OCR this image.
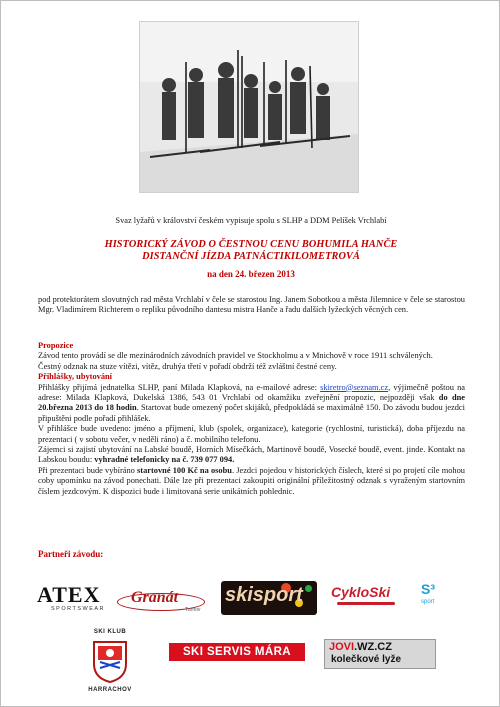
Svaz lyžařů v království českém vypisuje spolu s SLHP a DDM Pelíšek Vrchlabí
HISTORICKÝ ZÁVOD O ČESTNOU CENU BOHUMILA HANČE
DISTANČNÍ JÍZDA PATNÁCTIKILOMETROVÁ
na den 24. březen 2013

pod protektorátem slovutných rad města Vrchlabí v čele se starostou Ing. Janem Sobotkou a města Jilemnice v čele se starostou Mgr. Vladimírem Richterem o repliku původního dantesu mistra Hanče a řadu dalších lyžeckých věcných cen.

Propozice

Závod tento provádí se dle mezinárodních závodních pravidel ve Stockholmu a v Mnichově v roce 1911 schválených.

Čestný odznak na stuze vítězi, vítěz, druhýa třetí v pořadí obdrží též zvláštní čestné ceny.

Přihlášky, ubytování

Přihlášky přijímá jednatelka SLHP, paní Milada Klapková, na e-mailové adrese: skiretro@seznam.cz, výjimečně poštou na adrese: Milada Klapková, Dukelská 1386, 543 01 Vrchlabí od okamžiku zveřejnění propozic, nejpozději však do dne 20.března 2013 do 18 hodin. Startovat bude omezený počet skijáků, předpokládá se maximálně 150. Do závodu budou jezdci připuštěni podle pořadí přihlášek.

V přihlášce bude uvedeno: jméno a příjmení, klub (spolek, organizace), kategorie (rychlostní, turistická), doba příjezdu na prezentaci ( v sobotu večer, v neděli ráno) a č. mobilního telefonu.

Zájemci si zajistí ubytování na Labské boudě, Horních Mísečkách, Martinově boudě, Vosecké boudě, event. jinde. Kontakt na Labskou boudu: vyhradné telefonicky na č. 739 077 094.

Při prezentaci bude vybíráno startovné 100 Kč na osobu. Jezdci pojedou v historických číslech, které si po projetí cíle mohou coby upomínku na závod ponechati. Dále lze při prezentaci zakoupiti originální příležitostný odznak s vyraženým startovním číslem jezdcovým. K dispozici bude i limitovaná serie unikátních pohlednic.

Partneři závodu:
ATEX
SPORTSWEAR
Granát
Turnov
skisport CykloSki	S³
sport
SKI KLUB
HARRACHOV
SKI SERVIS MÁRA	JOVI.WZ.CZ
kolečkové lyže
